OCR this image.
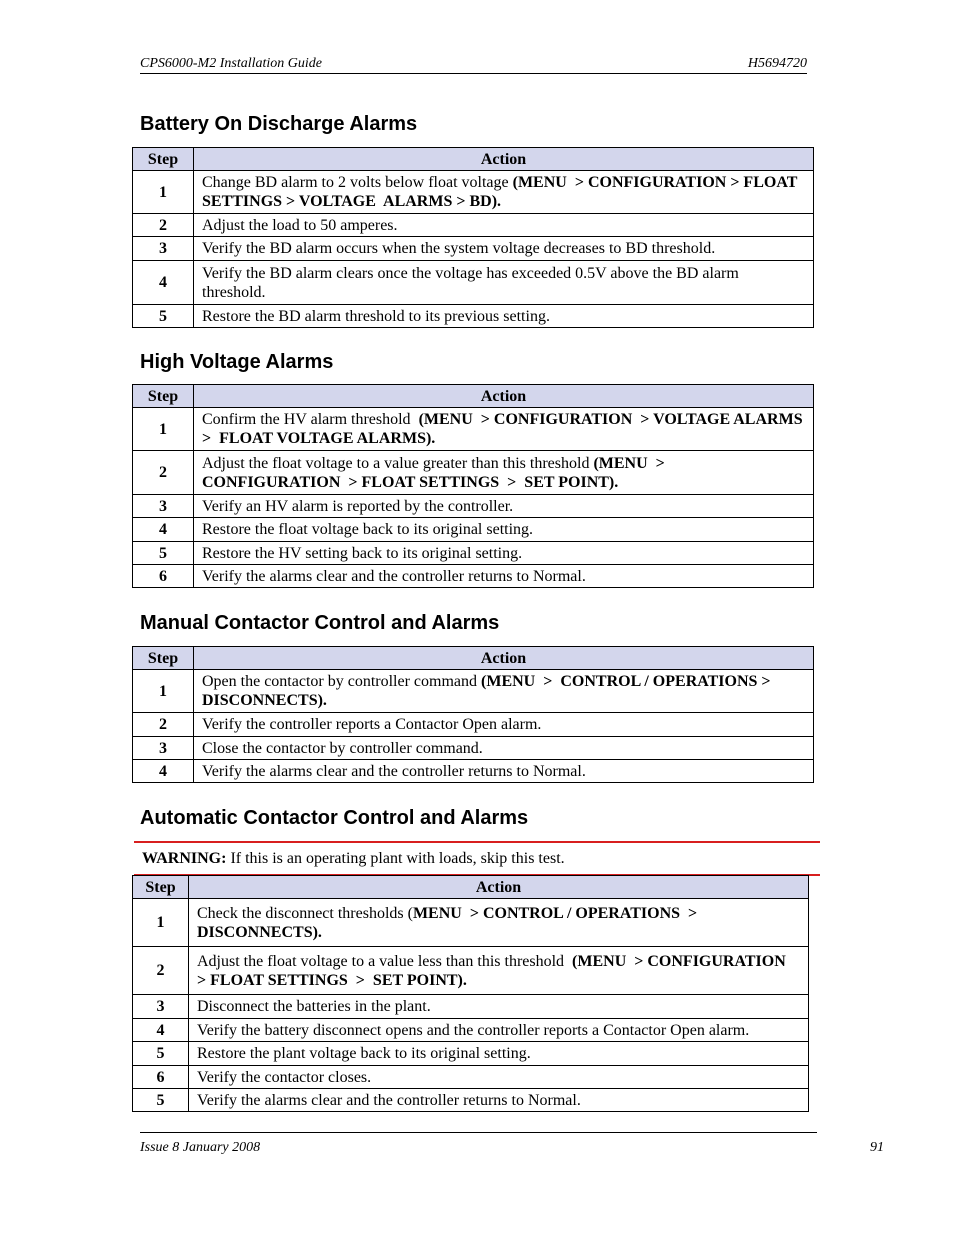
CPS6000-M2 Installation Guide	H5694720
Battery On Discharge Alarms
Step	Action
1	Change BD alarm to 2 volts below float voltage (MENU  > CONFIGURATION > FLOAT SETTINGS > VOLTAGE  ALARMS > BD).
2	Adjust the load to 50 amperes.
3	Verify the BD alarm occurs when the system voltage decreases to BD threshold.
4	Verify the BD alarm clears once the voltage has exceeded 0.5V above the BD alarm threshold.
5	Restore the BD alarm threshold to its previous setting.
High Voltage Alarms
Step	Action
1	Confirm the HV alarm threshold  (MENU  > CONFIGURATION  > VOLTAGE ALARMS  >  FLOAT VOLTAGE ALARMS).
2	Adjust the float voltage to a value greater than this threshold (MENU  > CONFIGURATION  > FLOAT SETTINGS  >  SET POINT).
3	Verify an HV alarm is reported by the controller.
4	Restore the float voltage back to its original setting.
5	Restore the HV setting back to its original setting.
6	Verify the alarms clear and the controller returns to Normal.
Manual Contactor Control and Alarms
Step	Action
1	Open the contactor by controller command (MENU  >  CONTROL / OPERATIONS > DISCONNECTS).
2	Verify the controller reports a Contactor Open alarm.
3	Close the contactor by controller command.
4	Verify the alarms clear and the controller returns to Normal.
Automatic Contactor Control and Alarms
WARNING: If this is an operating plant with loads, skip this test.
Step	Action
1	Check the disconnect thresholds (MENU  > CONTROL / OPERATIONS  > DISCONNECTS).
2	Adjust the float voltage to a value less than this threshold  (MENU  > CONFIGURATION  > FLOAT SETTINGS  >  SET POINT).
3	Disconnect the batteries in the plant.
4	Verify the battery disconnect opens and the controller reports a Contactor Open alarm.
5	Restore the plant voltage back to its original setting.
6	Verify the contactor closes.
5	Verify the alarms clear and the controller returns to Normal.
Issue 8 January 2008	91
